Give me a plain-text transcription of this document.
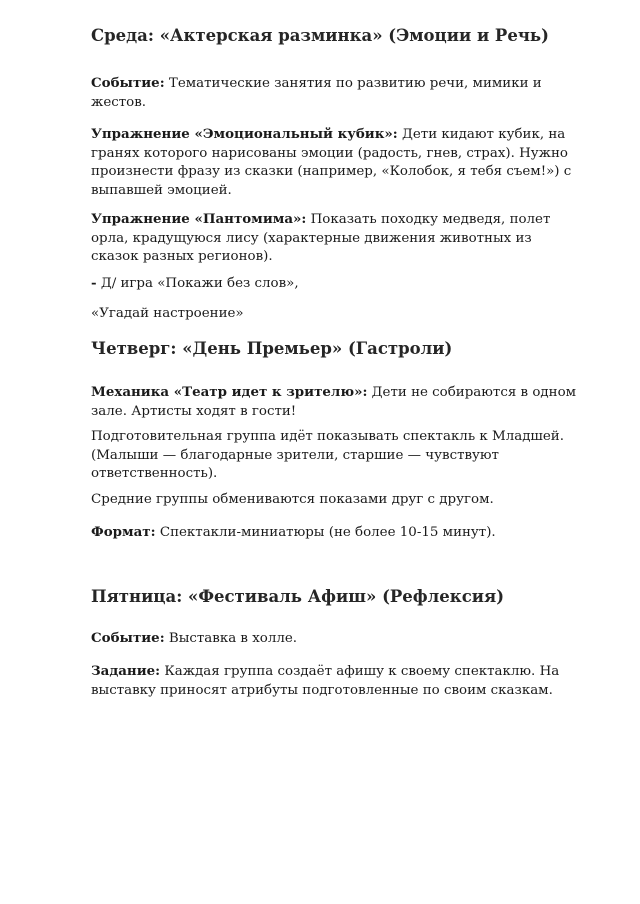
Среда: «Актерская разминка» (Эмоции и Речь)

Событие: Тематические занятия по развитию речи, мимики и жестов.

Упражнение «Эмоциональный кубик»: Дети кидают кубик, на гранях которого нарисованы эмоции (радость, гнев, страх). Нужно произнести фразу из сказки (например, «Колобок, я тебя съем!») с выпавшей эмоцией.

Упражнение «Пантомима»: Показать походку медведя, полет орла, крадущуюся лису (характерные движения животных из сказок разных регионов).

- Д/ игра «Покажи без слов»,

«Угадай настроение»

Четверг: «День Премьер» (Гастроли)

Механика «Театр идет к зрителю»: Дети не собираются в одном зале. Артисты ходят в гости!

Подготовительная группа идёт показывать спектакль к Младшей. (Малыши — благодарные зрители, старшие — чувствуют ответственность).

Средние группы обмениваются показами друг с другом.

Формат: Спектакли-миниатюры (не более 10-15 минут).

Пятница: «Фестиваль Афиш» (Рефлексия)

Событие: Выставка в холле.

Задание: Каждая группа создаёт афишу к своему спектаклю. На выставку приносят атрибуты подготовленные по своим сказкам.
